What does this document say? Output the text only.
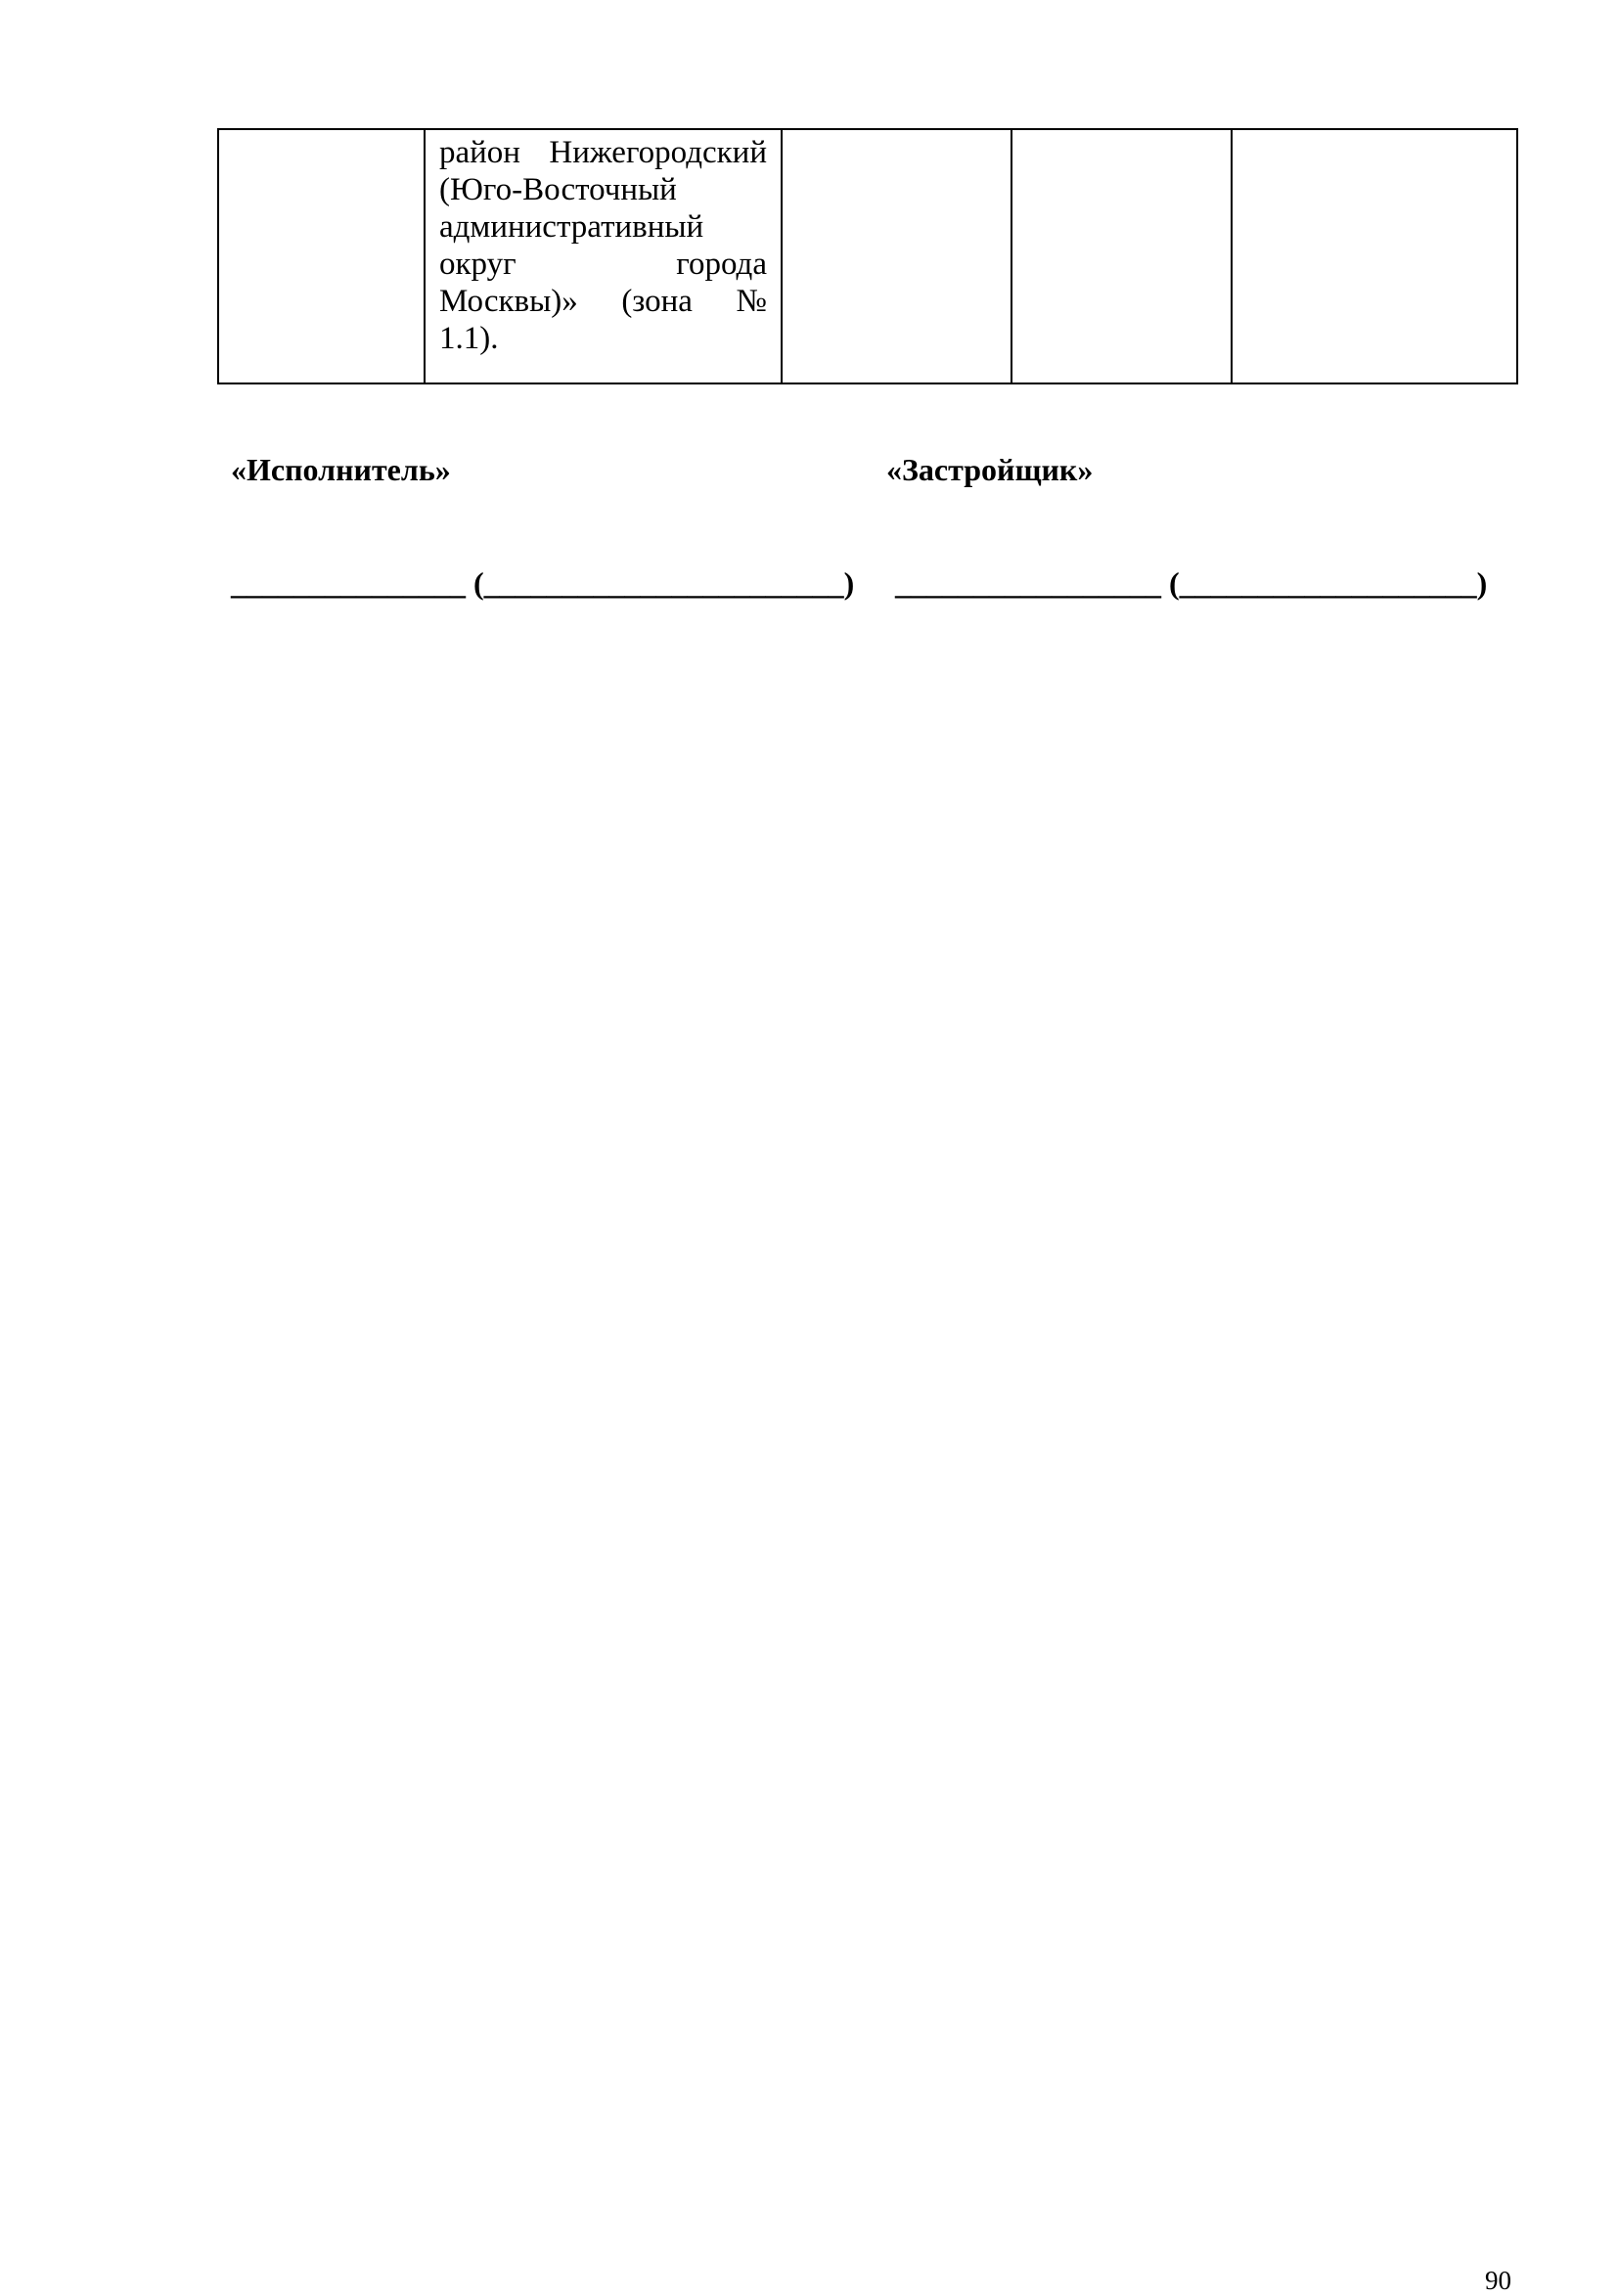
район Нижегородский
(Юго-Восточный
административный
округ города
Москвы)» (зона №
1.1).

«Исполнитель»	«Застройщик»
_______________ (_______________________) _________________ (___________________)
90
